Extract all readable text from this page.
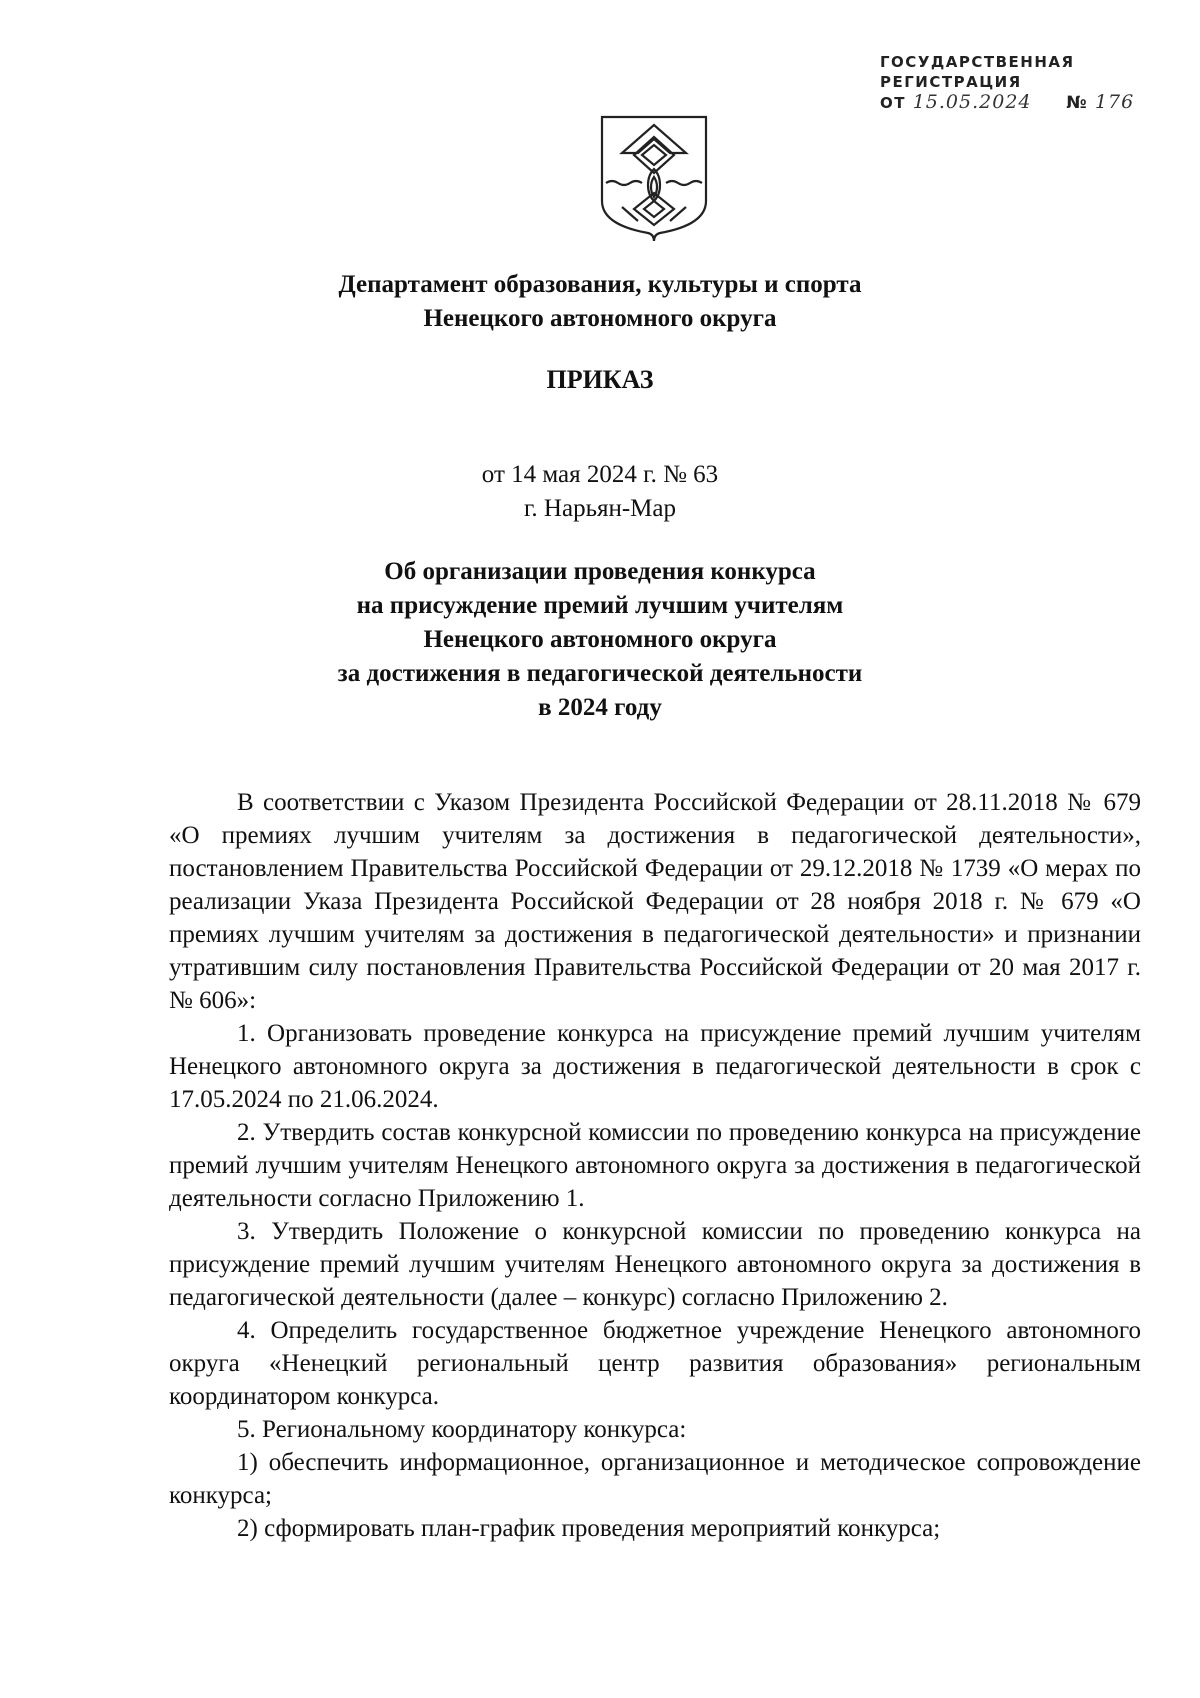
ГОСУДАРСТВЕННАЯ
РЕГИСТРАЦИЯ
ОТ 15.05.2024 № 176
Департамент образования, культуры и спорта
Ненецкого автономного округа
ПРИКАЗ
от 14 мая 2024 г. № 63
г. Нарьян-Мар
Об организации проведения конкурса
на присуждение премий лучшим учителям
Ненецкого автономного округа
за достижения в педагогической деятельности
в 2024 году

В соответствии с Указом Президента Российской Федерации от 28.11.2018 № 679 «О премиях лучшим учителям за достижения в педагогической деятельности», постановлением Правительства Российской Федерации от 29.12.2018 № 1739 «О мерах по реализации Указа Президента Российской Федерации от 28 ноября 2018 г. № 679 «О премиях лучшим учителям за достижения в педагогической деятельности» и признании утратившим силу постановления Правительства Российской Федерации от 20 мая 2017 г. № 606»:

1. Организовать проведение конкурса на присуждение премий лучшим учителям Ненецкого автономного округа за достижения в педагогической деятельности в срок с 17.05.2024 по 21.06.2024.

2. Утвердить состав конкурсной комиссии по проведению конкурса на присуждение премий лучшим учителям Ненецкого автономного округа за достижения в педагогической деятельности согласно Приложению 1.

3. Утвердить Положение о конкурсной комиссии по проведению конкурса на присуждение премий лучшим учителям Ненецкого автономного округа за достижения в педагогической деятельности (далее – конкурс) согласно Приложению 2.

4. Определить государственное бюджетное учреждение Ненецкого автономного округа «Ненецкий региональный центр развития образования» региональным координатором конкурса.

5. Региональному координатору конкурса:

1) обеспечить информационное, организационное и методическое сопровождение конкурса;

2) сформировать план-график проведения мероприятий конкурса;
